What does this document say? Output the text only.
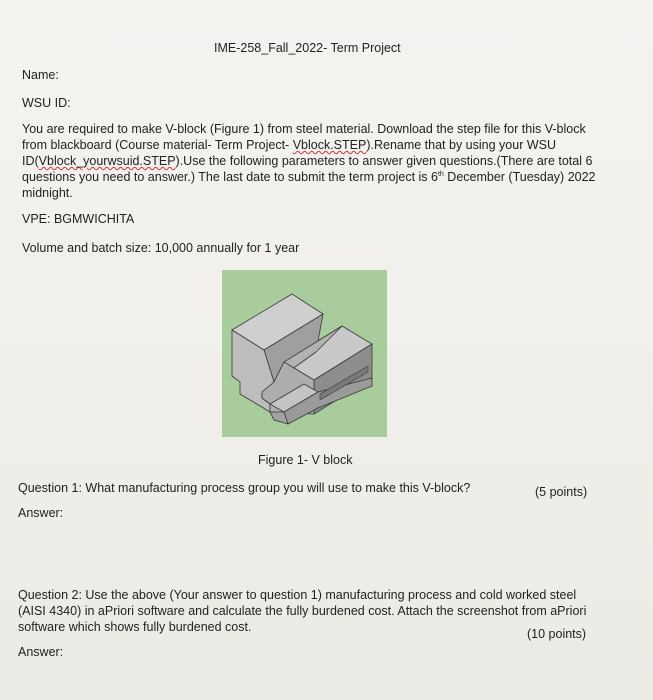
IME-258_Fall_2022- Term Project
Name:
WSU ID:
You are required to make V-block (Figure 1) from steel material. Download the step file for this V-block
from blackboard (Course material- Term Project- Vblock.STEP).Rename that by using your WSU
ID(Vblock_yourwsuid.STEP).Use the following parameters to answer given questions.(There are total 6
questions you need to answer.) The last date to submit the term project is 6th December (Tuesday) 2022
midnight.
VPE: BGMWICHITA
Volume and batch size: 10,000 annually for 1 year
Figure 1- V block
Question 1: What manufacturing process group you will use to make this V-block?	(5 points)
Answer:
Question 2: Use the above (Your answer to question 1) manufacturing process and cold worked steel
(AISI 4340) in aPriori software and calculate the fully burdened cost. Attach the screenshot from aPriori
software which shows fully burdened cost.	(10 points)
Answer:
